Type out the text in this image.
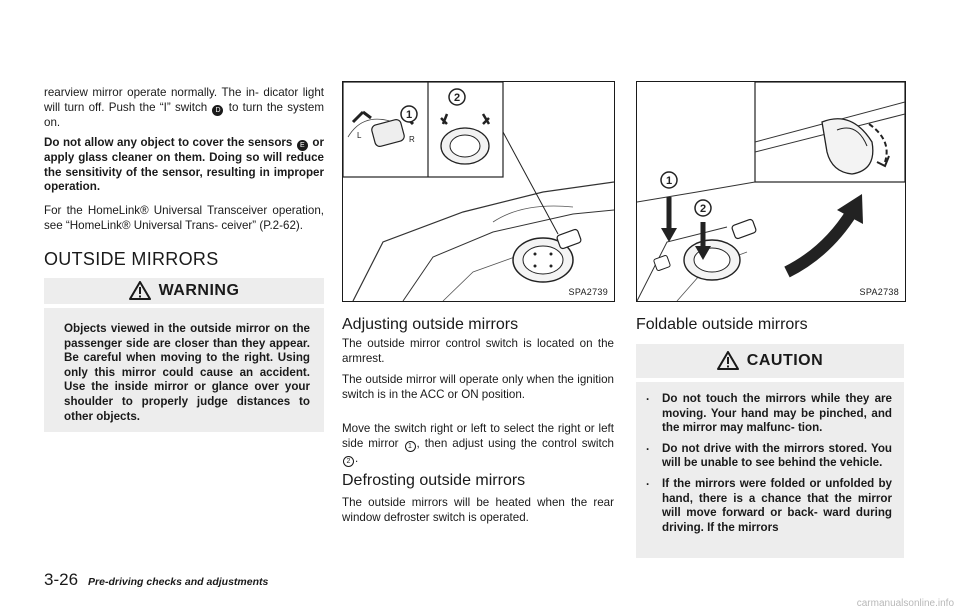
rearview mirror operate normally. The in- dicator light will turn off. Push the “I” switch D to turn the system on.

Do not allow any object to cover the sensors E or apply glass cleaner on them. Doing so will reduce the sensitivity of the sensor, resulting in improper operation.

For the HomeLink® Universal Transceiver operation, see “HomeLink® Universal Trans- ceiver” (P.2-62).

OUTSIDE MIRRORS
WARNING

Objects viewed in the outside mirror on the passenger side are closer than they appear. Be careful when moving to the right. Using only this mirror could cause an accident. Use the inside mirror or glance over your shoulder to properly judge distances to other objects.

L	R
1
2
SPA2739
Adjusting outside mirrors

The outside mirror control switch is located on the armrest.

The outside mirror will operate only when the ignition switch is in the ACC or ON position.

Move the switch right or left to select the right or left side mirror 1 , then adjust using the control switch 2 .

The outside mirrors will be heated when the rear window defroster switch is operated.

Defrosting outside mirrors
1
2
SPA2738
Foldable outside mirrors
CAUTION
. Do not touch the mirrors while they are moving. Your hand may be pinched, and the mirror may malfunc- tion.
. Do not drive with the mirrors stored. You will be unable to see behind the vehicle.
. If the mirrors were folded or unfolded by hand, there is a chance that the mirror will move forward or back- ward during driving. If the mirrors
3-26 Pre-driving checks and adjustments
carmanualsonline.info
